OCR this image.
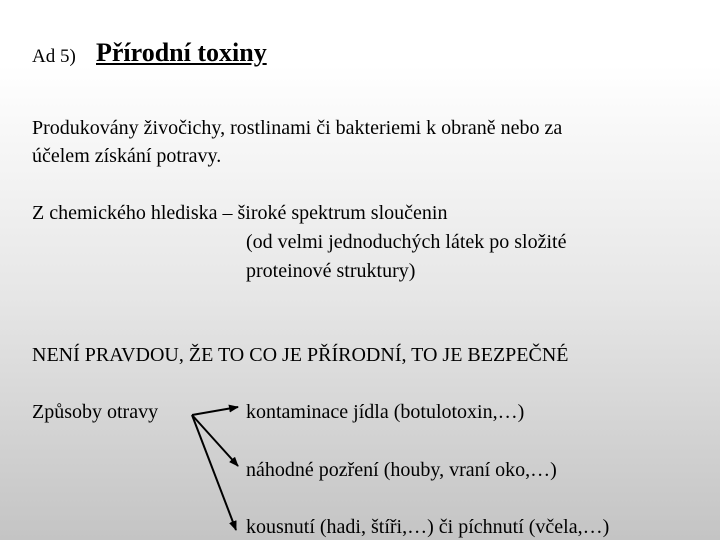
Ad 5) Přírodní toxiny
Produkovány živočichy, rostlinami či bakteriemi k obraně nebo za
účelem získání potravy.
Z chemického hlediska – široké spektrum sloučenin
(od velmi jednoduchých látek po složité
proteinové struktury)
NENÍ PRAVDOU, ŽE TO CO JE PŘÍRODNÍ, TO JE BEZPEČNÉ
Způsoby otravy	kontaminace jídla (botulotoxin,…)
náhodné pozření (houby, vraní oko,…)
kousnutí (hadi, štíři,…) či píchnutí (včela,…)
